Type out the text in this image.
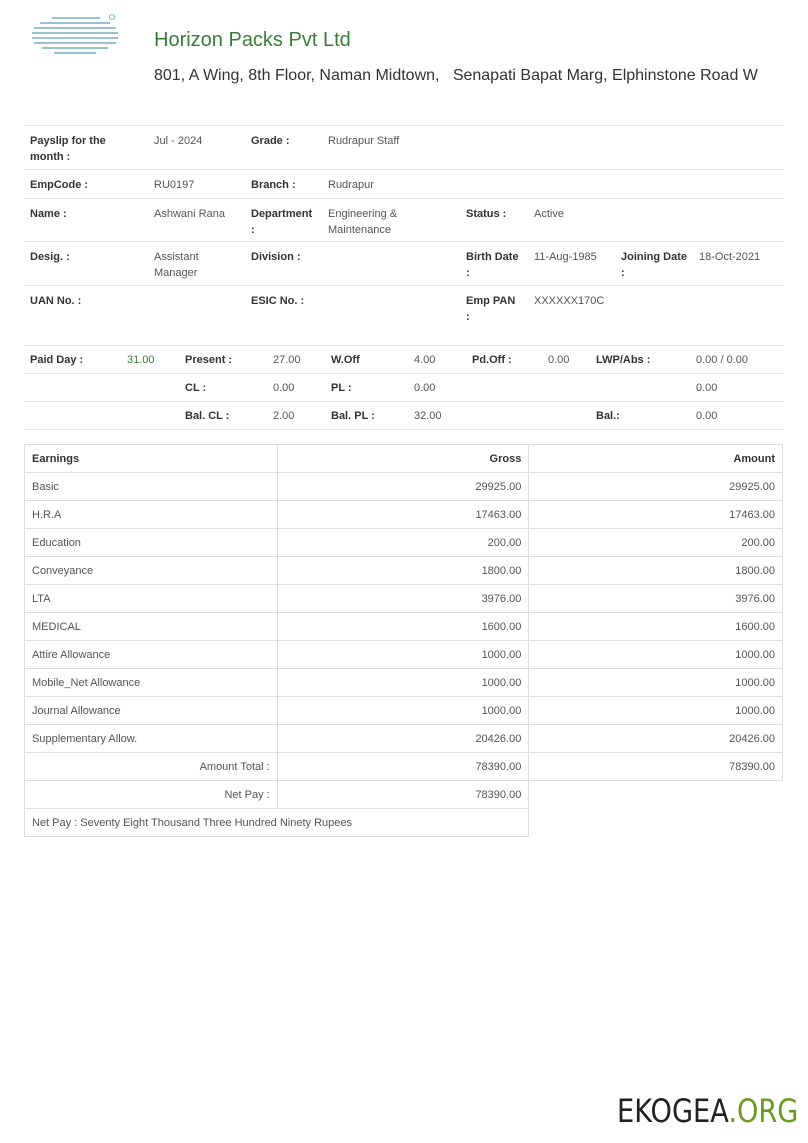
Horizon Packs Pvt Ltd
801, A Wing, 8th Floor, Naman Midtown,   Senapati Bapat Marg, Elphinstone Road W
Payslip for the month :	Jul - 2024	Grade :	Rudrapur Staff				
EmpCode :	RU0197	Branch :	Rudrapur				
Name :	Ashwani Rana	Department :	Engineering & Maintenance	Status :	Active		
Desig. :	Assistant Manager	Division :		Birth Date :	11-Aug-1985	Joining Date :	18-Oct-2021
UAN No. :		ESIC No. :		Emp PAN :	XXXXXX170C		
Paid Day :	31.00	Present :	27.00	W.Off	4.00	Pd.Off :	0.00	LWP/Abs :	0.00 / 0.00
		CL :	0.00	PL :	0.00				0.00
		Bal. CL :	2.00	Bal. PL :	32.00			Bal.:	0.00
Earnings	Gross	Amount
Basic	29925.00	29925.00
H.R.A	17463.00	17463.00
Education	200.00	200.00
Conveyance	1800.00	1800.00
LTA	3976.00	3976.00
MEDICAL	1600.00	1600.00
Attire Allowance	1000.00	1000.00
Mobile_Net Allowance	1000.00	1000.00
Journal Allowance	1000.00	1000.00
Supplementary Allow.	20426.00	20426.00
Amount Total :	78390.00	78390.00
Net Pay :	78390.00	
Net Pay : Seventy Eight Thousand Three Hundred Ninety Rupees		
EKOGEA.ORG
